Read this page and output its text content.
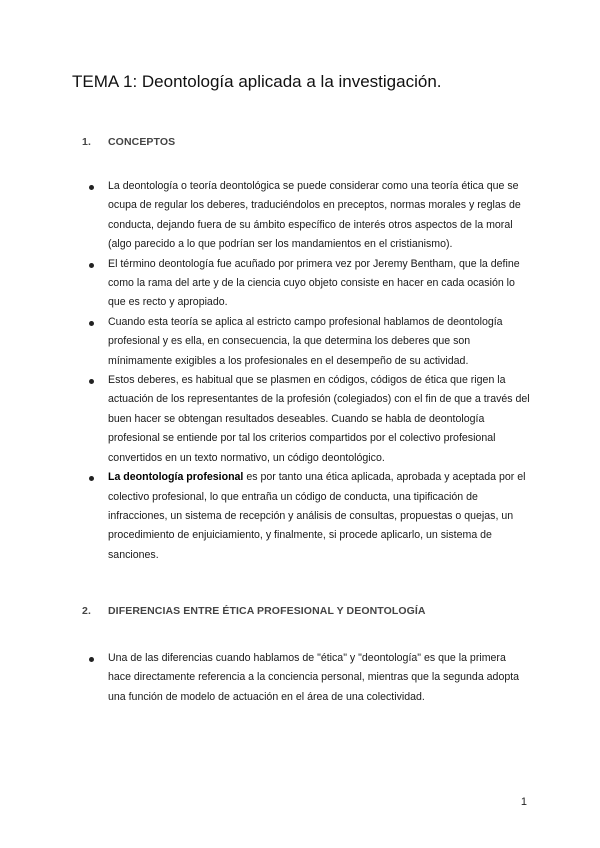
TEMA 1: Deontología aplicada a la investigación.
1.	CONCEPTOS
La deontología o teoría deontológica se puede considerar como una teoría ética que se ocupa de regular los deberes, traduciéndolos en preceptos, normas morales y reglas de conducta, dejando fuera de su ámbito específico de interés otros aspectos de la moral (algo parecido a lo que podrían ser los mandamientos en el cristianismo).
El término deontología fue acuñado por primera vez por Jeremy Bentham, que la define como la rama del arte y de la ciencia cuyo objeto consiste en hacer en cada ocasión lo que es recto y apropiado.
Cuando esta teoría se aplica al estricto campo profesional hablamos de deontología profesional y es ella, en consecuencia, la que determina los deberes que son mínimamente exigibles a los profesionales en el desempeño de su actividad.
Estos deberes, es habitual que se plasmen en códigos, códigos de ética que rigen la actuación de los representantes de la profesión (colegiados) con el fin de que a través del buen hacer se obtengan resultados deseables. Cuando se habla de deontología profesional se entiende por tal los criterios compartidos por el colectivo profesional convertidos en un texto normativo, un código deontológico.
La deontología profesional es por tanto una ética aplicada, aprobada y aceptada por el colectivo profesional, lo que entraña un código de conducta, una tipificación de infracciones, un sistema de recepción y análisis de consultas, propuestas o quejas, un procedimiento de enjuiciamiento, y finalmente, si procede aplicarlo, un sistema de sanciones.
2.	DIFERENCIAS ENTRE ÉTICA PROFESIONAL Y DEONTOLOGÍA
Una de las diferencias cuando hablamos de "ética" y "deontología" es que la primera hace directamente referencia a la conciencia personal, mientras que la segunda adopta una función de modelo de actuación en el área de una colectividad.
1
